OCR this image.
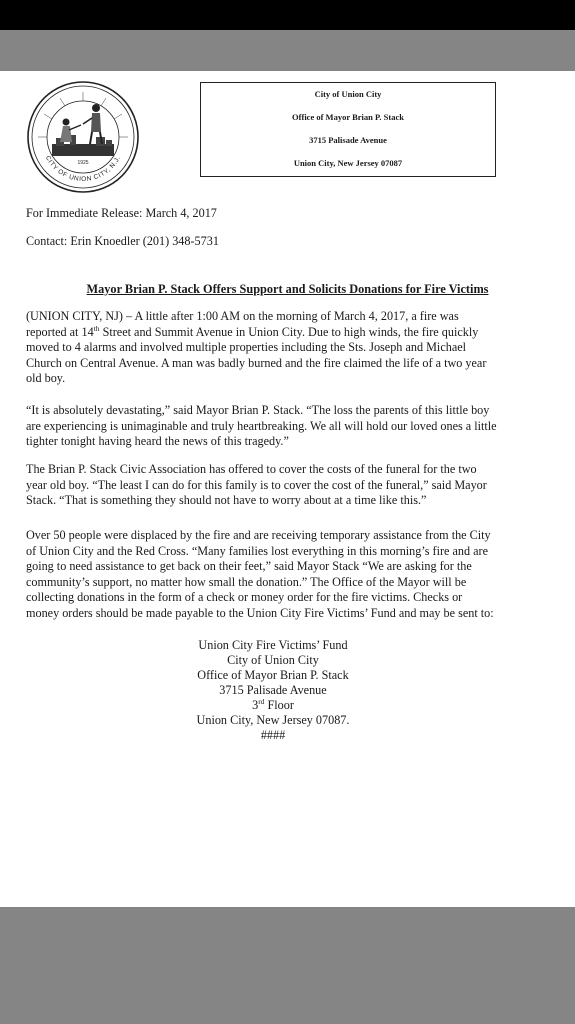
1925
CITY OF UNION CITY, N.J.
City of Union City
Office of Mayor Brian P. Stack
3715 Palisade Avenue
Union City, New Jersey 07087
For Immediate Release: March 4, 2017
Contact: Erin Knoedler (201) 348-5731
Mayor Brian P. Stack Offers Support and Solicits Donations for Fire Victims
(UNION CITY, NJ) – A little after 1:00 AM on the morning of March 4, 2017, a fire was
reported at 14th Street and Summit Avenue in Union City. Due to high winds, the fire quickly
moved to 4 alarms and involved multiple properties including the Sts. Joseph and Michael
Church on Central Avenue. A man was badly burned and the fire claimed the life of a two year
old boy.
“It is absolutely devastating,” said Mayor Brian P. Stack. “The loss the parents of this little boy
are experiencing is unimaginable and truly heartbreaking. We all will hold our loved ones a little
tighter tonight having heard the news of this tragedy.”
The Brian P. Stack Civic Association has offered to cover the costs of the funeral for the two
year old boy. “The least I can do for this family is to cover the cost of the funeral,” said Mayor
Stack. “That is something they should not have to worry about at a time like this.”
Over 50 people were displaced by the fire and are receiving temporary assistance from the City
of Union City and the Red Cross. “Many families lost everything in this morning’s fire and are
going to need assistance to get back on their feet,” said Mayor Stack “We are asking for the
community’s support, no matter how small the donation.” The Office of the Mayor will be
collecting donations in the form of a check or money order for the fire victims. Checks or
money orders should be made payable to the Union City Fire Victims’ Fund and may be sent to:
Union City Fire Victims’ Fund
City of Union City
Office of Mayor Brian P. Stack
3715 Palisade Avenue
3rd Floor
Union City, New Jersey 07087.
####
